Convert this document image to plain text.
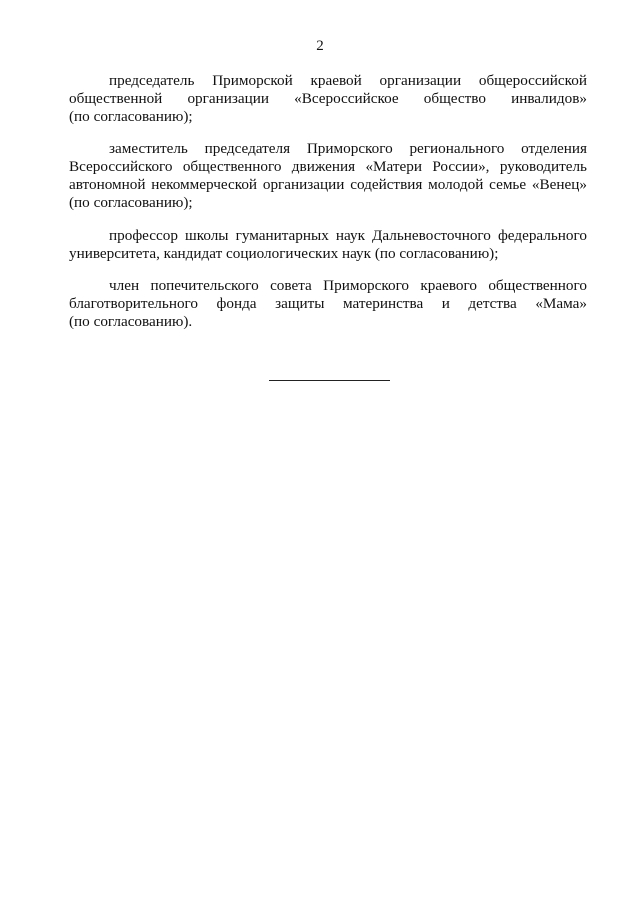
2
председатель Приморской краевой организации общероссийской
общественной организации «Всероссийское общество инвалидов»
(по согласованию);
заместитель председателя Приморского регионального отделения
Всероссийского общественного движения «Матери России», руководитель
автономной некоммерческой организации содействия молодой семье «Венец»
(по согласованию);
профессор школы гуманитарных наук Дальневосточного федерального
университета, кандидат социологических наук (по согласованию);
член попечительского совета Приморского краевого общественного
благотворительного фонда защиты материнства и детства «Мама»
(по согласованию).
